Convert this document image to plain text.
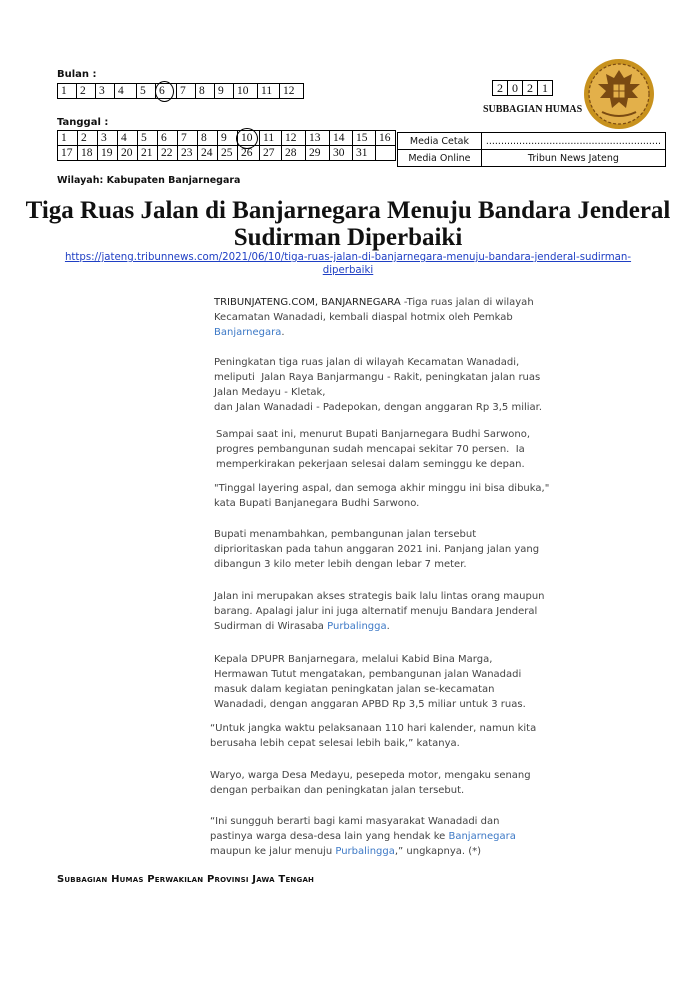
Bulan :
1	2	3	4	5	6	7	8	9	10	11	12
Tanggal :
1	2	3	4	5	6	7	8	9	10	11	12	13	14	15	16
17	18	19	20	21	22	23	24	25	26	27	28	29	30	31	
2	0	2	1
SUBBAGIAN HUMAS
Media Cetak	..........................................................
Media Online	Tribun News Jateng
Wilayah: Kabupaten Banjarnegara
Tiga Ruas Jalan di Banjarnegara Menuju Bandara Jenderal
Sudirman Diperbaiki
https://jateng.tribunnews.com/2021/06/10/tiga-ruas-jalan-di-banjarnegara-menuju-bandara-jenderal-sudirman-
diperbaiki

TRIBUNJATENG.COM, BANJARNEGARA -Tiga ruas jalan di wilayah

Kecamatan Wanadadi, kembali diaspal hotmix oleh Pemkab

Banjarnegara.

Peningkatan tiga ruas jalan di wilayah Kecamatan Wanadadi,

meliputi  Jalan Raya Banjarmangu - Rakit, peningkatan jalan ruas

Jalan Medayu - Kletak,

dan Jalan Wanadadi - Padepokan, dengan anggaran Rp 3,5 miliar.

Sampai saat ini, menurut Bupati Banjarnegara Budhi Sarwono,

progres pembangunan sudah mencapai sekitar 70 persen.  Ia

memperkirakan pekerjaan selesai dalam seminggu ke depan.

"Tinggal layering aspal, dan semoga akhir minggu ini bisa dibuka,"

kata Bupati Banjanegara Budhi Sarwono.

Bupati menambahkan, pembangunan jalan tersebut

diprioritaskan pada tahun anggaran 2021 ini. Panjang jalan yang

dibangun 3 kilo meter lebih dengan lebar 7 meter.

Jalan ini merupakan akses strategis baik lalu lintas orang maupun

barang. Apalagi jalur ini juga alternatif menuju Bandara Jenderal

Sudirman di Wirasaba Purbalingga.

Kepala DPUPR Banjarnegara, melalui Kabid Bina Marga,

Hermawan Tutut mengatakan, pembangunan jalan Wanadadi

masuk dalam kegiatan peningkatan jalan se-kecamatan

Wanadadi, dengan anggaran APBD Rp 3,5 miliar untuk 3 ruas.

“Untuk jangka waktu pelaksanaan 110 hari kalender, namun kita

berusaha lebih cepat selesai lebih baik,” katanya.

Waryo, warga Desa Medayu, pesepeda motor, mengaku senang

dengan perbaikan dan peningkatan jalan tersebut.

“Ini sungguh berarti bagi kami masyarakat Wanadadi dan

pastinya warga desa-desa lain yang hendak ke Banjarnegara

maupun ke jalur menuju Purbalingga,” ungkapnya. (*)

Subbagian Humas Perwakilan Provinsi Jawa Tengah
